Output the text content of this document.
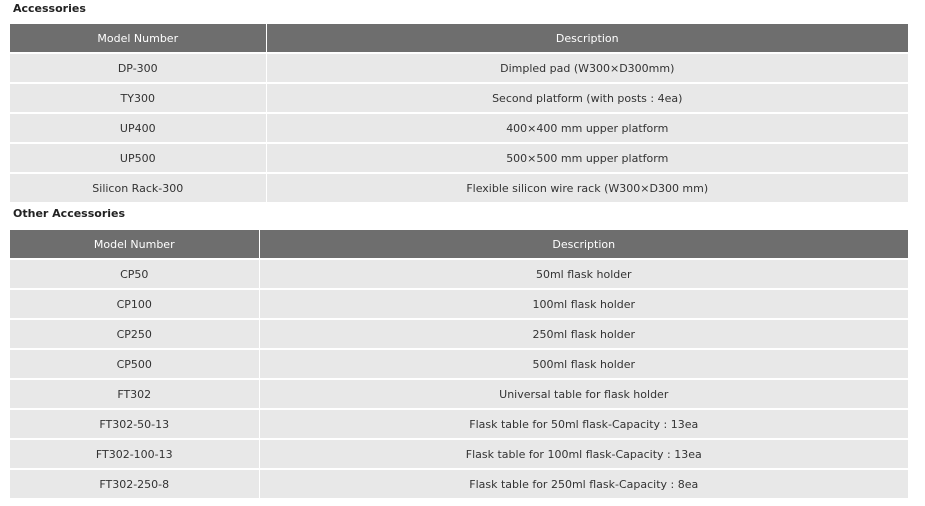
Accessories
Model Number	Description
DP-300	Dimpled pad (W300×D300mm)
TY300	Second platform (with posts : 4ea)
UP400	400×400 mm upper platform
UP500	500×500 mm upper platform
Silicon Rack-300	Flexible silicon wire rack (W300×D300 mm)
Other Accessories
Model Number	Description
CP50	50ml flask holder
CP100	100ml flask holder
CP250	250ml flask holder
CP500	500ml flask holder
FT302	Universal table for flask holder
FT302-50-13	Flask table for 50ml flask-Capacity : 13ea
FT302-100-13	Flask table for 100ml flask-Capacity : 13ea
FT302-250-8	Flask table for 250ml flask-Capacity : 8ea
